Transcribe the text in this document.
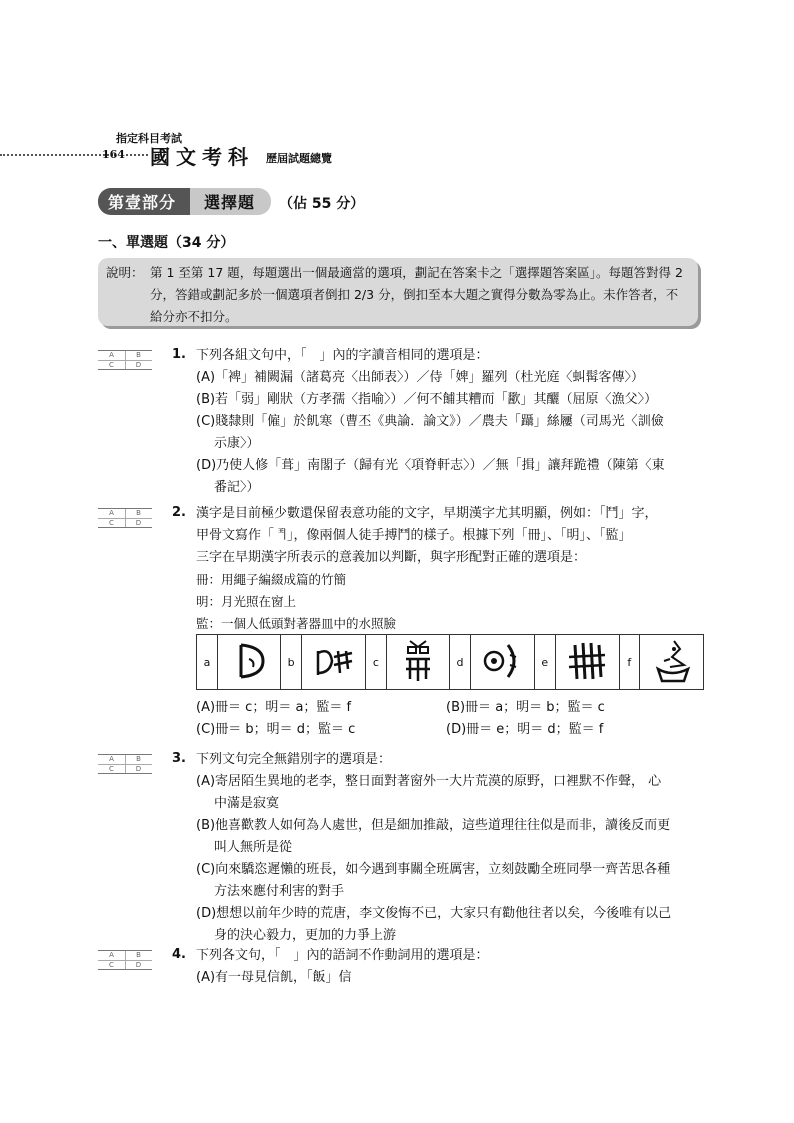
指定科目考試
164 國文考科 歷屆試題總覽
第壹部分 選擇題 （佔 55 分）
一、單選題（34 分）
說明： 第 1 至第 17 題，每題選出一個最適當的選項，劃記在答案卡之「選擇題答案區」。每題答對得 2 分，答錯或劃記多於一個選項者倒扣 2/3 分，倒扣至本大題之實得分數為零為止。未作答者，不給分亦不扣分。
A	B
C	D
1. 下列各組文句中，「　」內的字讀音相同的選項是：

(A)「裨」補闕漏（諸葛亮〈出師表〉）／侍「婢」羅列（杜光庭〈虯髯客傳〉）

(B)若「弱」剛狀（方孝孺〈指喻〉）／何不餔其糟而「歠」其釃（屈原〈漁父〉）

(C)賤隸則「僱」於飢寒（曹丕《典論．論文》）／農夫「躡」絲屨（司馬光〈訓儉

示康〉）

(D)乃使人修「葺」南閣子（歸有光〈項脊軒志〉）／無「揖」讓拜跪禮（陳第〈東

番記〉）

A	B
C	D
2. 漢字是目前極少數還保留表意功能的文字，早期漢字尤其明顯，例如：「鬥」字，

甲骨文寫作「𩰊」，像兩個人徒手搏鬥的樣子。根據下列「冊」、「明」、「監」

三字在早期漢字所表示的意義加以判斷，與字形配對正確的選項是：

冊：用繩子編綴成篇的竹簡

明：月光照在窗上

監：一個人低頭對著器皿中的水照臉

a		b		c		d		e		f	
(A)冊＝ c；明＝ a；監＝ f	(B)冊＝ a；明＝ b；監＝ c
(C)冊＝ b；明＝ d；監＝ c	(D)冊＝ e；明＝ d；監＝ f
A	B
C	D
3. 下列文句完全無錯別字的選項是：

(A)寄居陌生異地的老李，整日面對著窗外一大片荒漠的原野，口裡默不作聲， 心

中滿是寂寞

(B)他喜歡教人如何為人處世，但是細加推敲，這些道理往往似是而非，讀後反而更

叫人無所是從

(C)向來驕恣遲懶的班長，如今遇到事關全班厲害，立刻鼓勵全班同學一齊苦思各種

方法來應付利害的對手

(D)想想以前年少時的荒唐，李文俊悔不已，大家只有勸他往者以矣，今後唯有以己

身的決心毅力，更加的力爭上游

A	B
C	D
4. 下列各文句，「　」內的語詞不作動詞用的選項是：

(A)有一母見信飢，「飯」信
